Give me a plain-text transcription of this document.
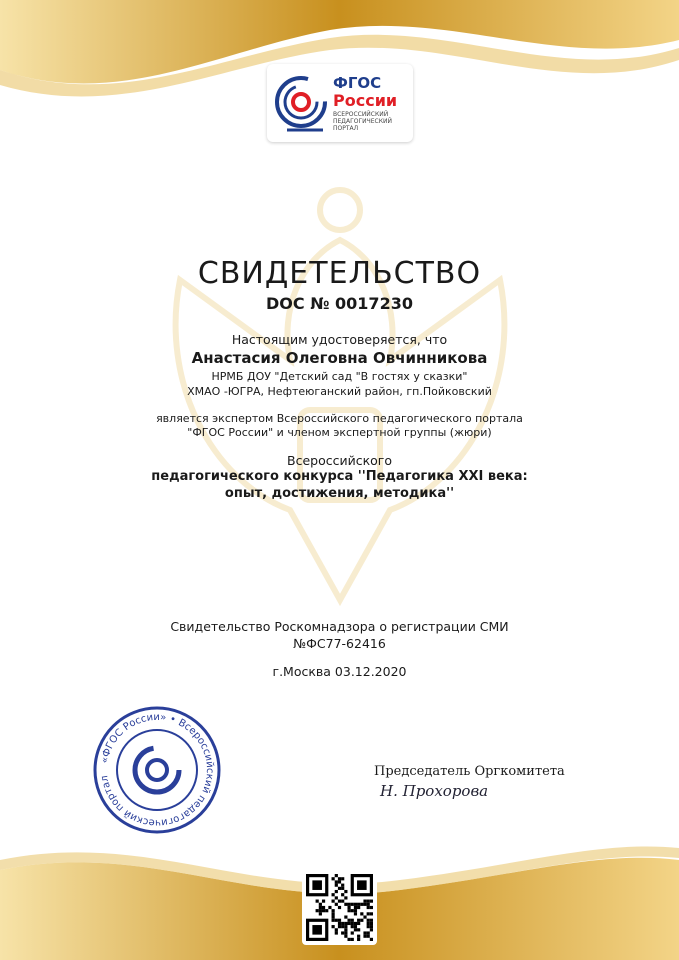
ФГОС
России
ВСЕРОССИЙСКИЙ ПЕДАГОГИЧЕСКИЙ ПОРТАЛ
СВИДЕТЕЛЬСТВО
DOC № 0017230
Настоящим удостоверяется, что
Анастасия Олеговна Овчинникова
НРМБ ДОУ "Детский сад "В гостях у сказки"
ХМАО -ЮГРА, Нефтеюганский район, гп.Пойковский
является экспертом Всероссийского педагогического портала
"ФГОС России" и членом экспертной группы (жюри)
Всероссийского
педагогического конкурса ''Педагогика XXI века:
опыт, достижения, методика''
Свидетельство Роскомнадзора о регистрации СМИ
№ФС77-62416
г.Москва 03.12.2020
«ФГОС России» • Всероссийский педагогический портал	Председатель Оргкомитета
Н. Прохорова
